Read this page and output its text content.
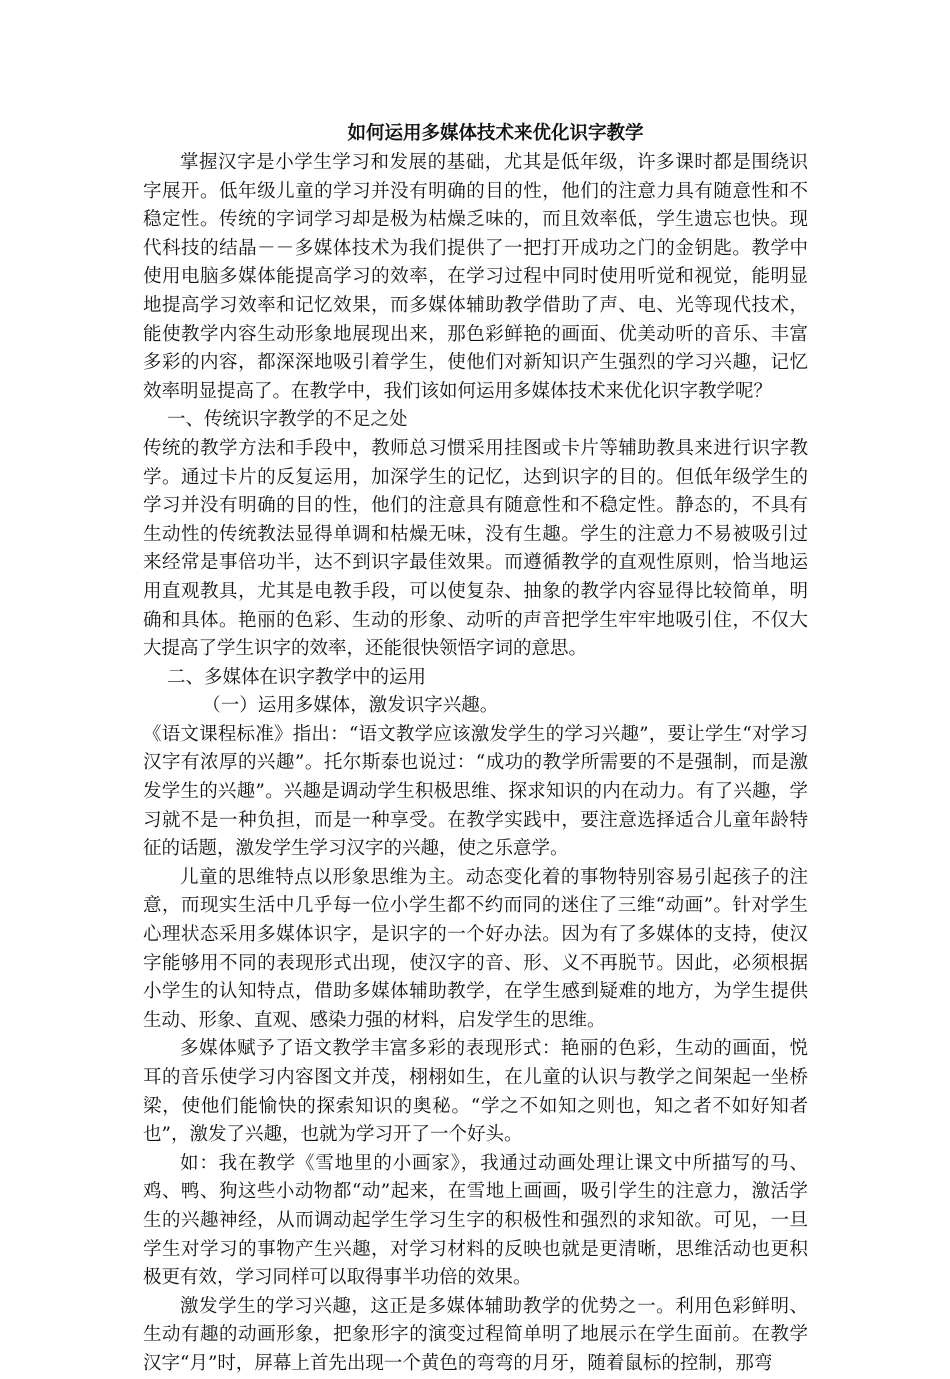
如何运用多媒体技术来优化识字教学

掌握汉字是小学生学习和发展的基础，尤其是低年级，许多课时都是围绕识字展开。低年级儿童的学习并没有明确的目的性，他们的注意力具有随意性和不稳定性。传统的字词学习却是极为枯燥乏味的，而且效率低，学生遗忘也快。现代科技的结晶－－多媒体技术为我们提供了一把打开成功之门的金钥匙。教学中使用电脑多媒体能提高学习的效率，在学习过程中同时使用听觉和视觉，能明显地提高学习效率和记忆效果，而多媒体辅助教学借助了声、电、光等现代技术，能使教学内容生动形象地展现出来，那色彩鲜艳的画面、优美动听的音乐、丰富多彩的内容，都深深地吸引着学生，使他们对新知识产生强烈的学习兴趣，记忆效率明显提高了。在教学中，我们该如何运用多媒体技术来优化识字教学呢？

一、传统识字教学的不足之处

传统的教学方法和手段中，教师总习惯采用挂图或卡片等辅助教具来进行识字教学。通过卡片的反复运用，加深学生的记忆，达到识字的目的。但低年级学生的学习并没有明确的目的性，他们的注意具有随意性和不稳定性。静态的，不具有生动性的传统教法显得单调和枯燥无味，没有生趣。学生的注意力不易被吸引过来经常是事倍功半，达不到识字最佳效果。而遵循教学的直观性原则，恰当地运用直观教具，尤其是电教手段，可以使复杂、抽象的教学内容显得比较简单，明确和具体。艳丽的色彩、生动的形象、动听的声音把学生牢牢地吸引住，不仅大大提高了学生识字的效率，还能很快领悟字词的意思。

二、多媒体在识字教学中的运用

（一）运用多媒体，激发识字兴趣。

《语文课程标准》指出：“语文教学应该激发学生的学习兴趣”，要让学生“对学习汉字有浓厚的兴趣”。托尔斯泰也说过：“成功的教学所需要的不是强制，而是激发学生的兴趣”。兴趣是调动学生积极思维、探求知识的内在动力。有了兴趣，学习就不是一种负担，而是一种享受。在教学实践中，要注意选择适合儿童年龄特征的话题，激发学生学习汉字的兴趣，使之乐意学。

儿童的思维特点以形象思维为主。动态变化着的事物特别容易引起孩子的注意，而现实生活中几乎每一位小学生都不约而同的迷住了三维“动画”。针对学生心理状态采用多媒体识字，是识字的一个好办法。因为有了多媒体的支持，使汉字能够用不同的表现形式出现，使汉字的音、形、义不再脱节。因此，必须根据小学生的认知特点，借助多媒体辅助教学，在学生感到疑难的地方，为学生提供生动、形象、直观、感染力强的材料，启发学生的思维。

多媒体赋予了语文教学丰富多彩的表现形式：艳丽的色彩，生动的画面，悦耳的音乐使学习内容图文并茂，栩栩如生，在儿童的认识与教学之间架起一坐桥梁，使他们能愉快的探索知识的奥秘。“学之不如知之则也，知之者不如好知者也”，激发了兴趣，也就为学习开了一个好头。

如：我在教学《雪地里的小画家》，我通过动画处理让课文中所描写的马、鸡、鸭、狗这些小动物都“动”起来，在雪地上画画，吸引学生的注意力，激活学生的兴趣神经，从而调动起学生学习生字的积极性和强烈的求知欲。可见，一旦学生对学习的事物产生兴趣，对学习材料的反映也就是更清晰，思维活动也更积极更有效，学习同样可以取得事半功倍的效果。

激发学生的学习兴趣，这正是多媒体辅助教学的优势之一。利用色彩鲜明、生动有趣的动画形象，把象形字的演变过程简单明了地展示在学生面前。在教学汉字“月”时，屏幕上首先出现一个黄色的弯弯的月牙，随着鼠标的控制，那弯
